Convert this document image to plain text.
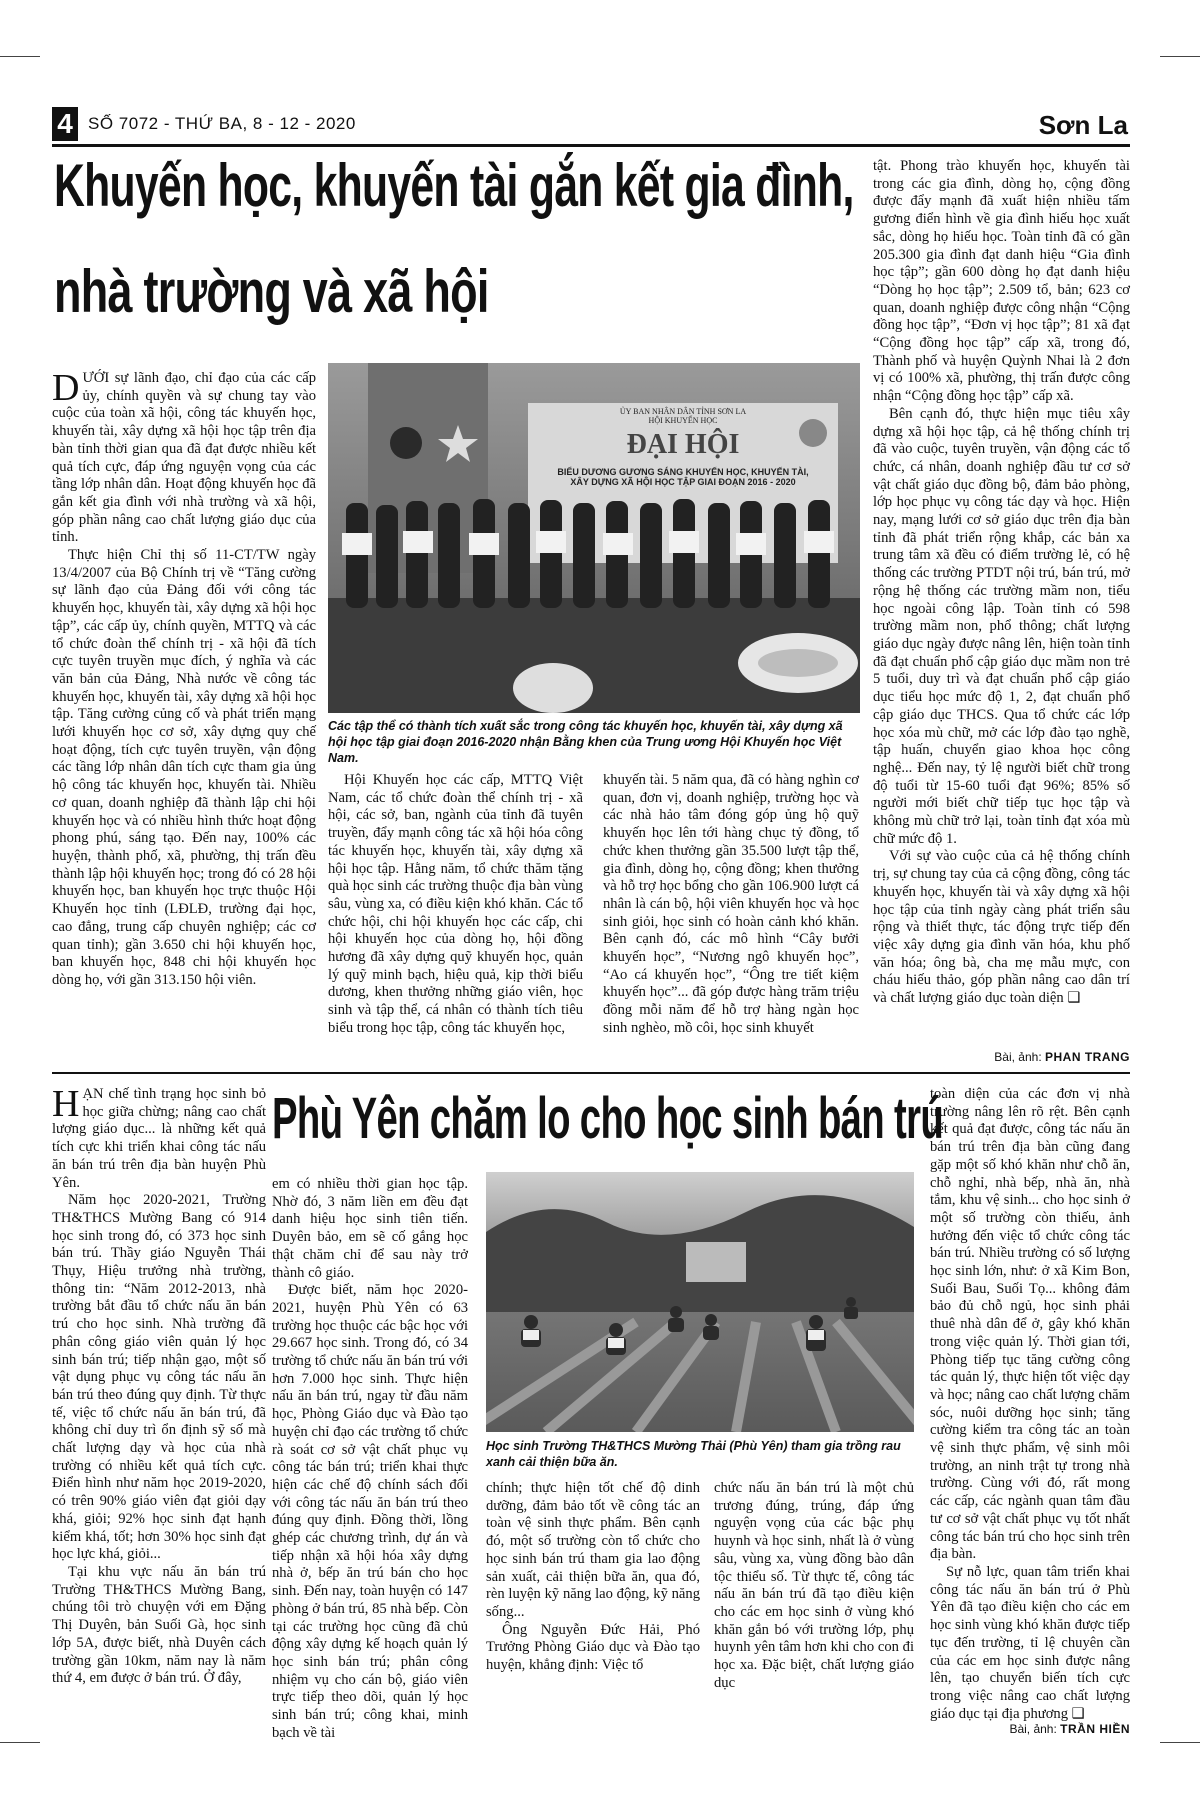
4 SỐ 7072 - THỨ BA, 8 - 12 - 2020	Sơn La
Khuyến học, khuyến tài gắn kết gia đình,
nhà trường và xã hội

DƯỚI sự lãnh đạo, chỉ đạo của các cấp ủy, chính quyền và sự chung tay vào cuộc của toàn xã hội, công tác khuyến học, khuyến tài, xây dựng xã hội học tập trên địa bàn tỉnh thời gian qua đã đạt được nhiều kết quả tích cực, đáp ứng nguyện vọng của các tầng lớp nhân dân. Hoạt động khuyến học đã gắn kết gia đình với nhà trường và xã hội, góp phần nâng cao chất lượng giáo dục của tỉnh.

Thực hiện Chỉ thị số 11-CT/TW ngày 13/4/2007 của Bộ Chính trị về “Tăng cường sự lãnh đạo của Đảng đối với công tác khuyến học, khuyến tài, xây dựng xã hội học tập”, các cấp ủy, chính quyền, MTTQ và các tổ chức đoàn thể chính trị - xã hội đã tích cực tuyên truyền mục đích, ý nghĩa và các văn bản của Đảng, Nhà nước về công tác khuyến học, khuyến tài, xây dựng xã hội học tập. Tăng cường củng cố và phát triển mạng lưới khuyến học cơ sở, xây dựng quy chế hoạt động, tích cực tuyên truyền, vận động các tầng lớp nhân dân tích cực tham gia ủng hộ công tác khuyến học, khuyến tài. Nhiều cơ quan, doanh nghiệp đã thành lập chi hội khuyến học và có nhiều hình thức hoạt động phong phú, sáng tạo. Đến nay, 100% các huyện, thành phố, xã, phường, thị trấn đều thành lập hội khuyến học; trong đó có 28 hội khuyến học, ban khuyến học trực thuộc Hội Khuyến học tỉnh (LĐLĐ, trường đại học, cao đẳng, trung cấp chuyên nghiệp; các cơ quan tỉnh); gần 3.650 chi hội khuyến học, ban khuyến học, 848 chi hội khuyến học dòng họ, với gần 313.150 hội viên.

ỦY BAN NHÂN DÂN TỈNH SƠN LA
HỘI KHUYẾN HỌC
ĐẠI HỘI
BIỂU DƯƠNG GƯƠNG SÁNG KHUYẾN HỌC, KHUYẾN TÀI,
XÂY DỰNG XÃ HỘI HỌC TẬP GIAI ĐOẠN 2016 - 2020
Các tập thể có thành tích xuất sắc trong công tác khuyến học, khuyến tài, xây dựng xã hội học tập giai đoạn 2016-2020 nhận Bằng khen của Trung ương Hội Khuyến học Việt Nam.

Hội Khuyến học các cấp, MTTQ Việt Nam, các tổ chức đoàn thể chính trị - xã hội, các sở, ban, ngành của tỉnh đã tuyên truyền, đẩy mạnh công tác xã hội hóa công tác khuyến học, khuyến tài, xây dựng xã hội học tập. Hằng năm, tổ chức thăm tặng quà học sinh các trường thuộc địa bàn vùng sâu, vùng xa, có điều kiện khó khăn. Các tổ chức hội, chi hội khuyến học các cấp, chi hội khuyến học của dòng họ, hội đồng hương đã xây dựng quỹ khuyến học, quản lý quỹ minh bạch, hiệu quả, kịp thời biểu dương, khen thưởng những giáo viên, học sinh và tập thể, cá nhân có thành tích tiêu biểu trong học tập, công tác khuyến học,

khuyến tài. 5 năm qua, đã có hàng nghìn cơ quan, đơn vị, doanh nghiệp, trường học và các nhà hảo tâm đóng góp ủng hộ quỹ khuyến học lên tới hàng chục tỷ đồng, tổ chức khen thưởng gần 35.500 lượt tập thể, gia đình, dòng họ, cộng đồng; khen thưởng và hỗ trợ học bổng cho gần 106.900 lượt cá nhân là cán bộ, hội viên khuyến học và học sinh giỏi, học sinh có hoàn cảnh khó khăn. Bên cạnh đó, các mô hình “Cây bưởi khuyến học”, “Nương ngô khuyến học”, “Ao cá khuyến học”, “Ông tre tiết kiệm khuyến học”... đã góp được hàng trăm triệu đồng mỗi năm để hỗ trợ hàng ngàn học sinh nghèo, mồ côi, học sinh khuyết

tật. Phong trào khuyến học, khuyến tài trong các gia đình, dòng họ, cộng đồng được đẩy mạnh đã xuất hiện nhiều tấm gương điển hình về gia đình hiếu học xuất sắc, dòng họ hiếu học. Toàn tỉnh đã có gần 205.300 gia đình đạt danh hiệu “Gia đình học tập”; gần 600 dòng họ đạt danh hiệu “Dòng họ học tập”; 2.509 tổ, bản; 623 cơ quan, doanh nghiệp được công nhận “Cộng đồng học tập”, “Đơn vị học tập”; 81 xã đạt “Cộng đồng học tập” cấp xã, trong đó, Thành phố và huyện Quỳnh Nhai là 2 đơn vị có 100% xã, phường, thị trấn được công nhận “Cộng đồng học tập” cấp xã.

Bên cạnh đó, thực hiện mục tiêu xây dựng xã hội học tập, cả hệ thống chính trị đã vào cuộc, tuyên truyền, vận động các tổ chức, cá nhân, doanh nghiệp đầu tư cơ sở vật chất giáo dục đồng bộ, đảm bảo phòng, lớp học phục vụ công tác dạy và học. Hiện nay, mạng lưới cơ sở giáo dục trên địa bàn tỉnh đã phát triển rộng khắp, các bản xa trung tâm xã đều có điểm trường lẻ, có hệ thống các trường PTDT nội trú, bán trú, mở rộng hệ thống các trường mầm non, tiểu học ngoài công lập. Toàn tỉnh có 598 trường mầm non, phổ thông; chất lượng giáo dục ngày được nâng lên, hiện toàn tỉnh đã đạt chuẩn phổ cập giáo dục mầm non trẻ 5 tuổi, duy trì và đạt chuẩn phổ cập giáo dục tiểu học mức độ 1, 2, đạt chuẩn phổ cập giáo dục THCS. Qua tổ chức các lớp học xóa mù chữ, mở các lớp đào tạo nghề, tập huấn, chuyển giao khoa học công nghệ... Đến nay, tỷ lệ người biết chữ trong độ tuổi từ 15-60 tuổi đạt 96%; 85% số người mới biết chữ tiếp tục học tập và không mù chữ trở lại, toàn tỉnh đạt xóa mù chữ mức độ 1.

Với sự vào cuộc của cả hệ thống chính trị, sự chung tay của cả cộng đồng, công tác khuyến học, khuyến tài và xây dựng xã hội học tập của tỉnh ngày càng phát triển sâu rộng và thiết thực, tác động trực tiếp đến việc xây dựng gia đình văn hóa, khu phố văn hóa; ông bà, cha mẹ mẫu mực, con cháu hiếu thảo, góp phần nâng cao dân trí và chất lượng giáo dục toàn diện ❑

Bài, ảnh: PHAN TRANG

HẠN chế tình trạng học sinh bỏ học giữa chừng; nâng cao chất lượng giáo dục... là những kết quả tích cực khi triển khai công tác nấu ăn bán trú trên địa bàn huyện Phù Yên.

Năm học 2020-2021, Trường TH&THCS Mường Bang có 914 học sinh trong đó, có 373 học sinh bán trú. Thầy giáo Nguyễn Thái Thụy, Hiệu trưởng nhà trường, thông tin: “Năm 2012-2013, nhà trường bắt đầu tổ chức nấu ăn bán trú cho học sinh. Nhà trường đã phân công giáo viên quản lý học sinh bán trú; tiếp nhận gạo, một số vật dụng phục vụ công tác nấu ăn bán trú theo đúng quy định. Từ thực tế, việc tổ chức nấu ăn bán trú, đã không chỉ duy trì ổn định sỹ số mà chất lượng dạy và học của nhà trường có nhiều kết quả tích cực. Điển hình như năm học 2019-2020, có trên 90% giáo viên đạt giỏi dạy khá, giỏi; 92% học sinh đạt hạnh kiểm khá, tốt; hơn 30% học sinh đạt học lực khá, giỏi...

Tại khu vực nấu ăn bán trú Trường TH&THCS Mường Bang, chúng tôi trò chuyện với em Đặng Thị Duyên, bản Suối Gà, học sinh lớp 5A, được biết, nhà Duyên cách trường gần 10km, năm nay là năm thứ 4, em được ở bán trú. Ở đây,

Phù Yên chăm lo cho học sinh bán trú

em có nhiều thời gian học tập. Nhờ đó, 3 năm liền em đều đạt danh hiệu học sinh tiên tiến. Duyên bảo, em sẽ cố gắng học thật chăm chỉ để sau này trở thành cô giáo.

Được biết, năm học 2020-2021, huyện Phù Yên có 63 trường học thuộc các bậc học với 29.667 học sinh. Trong đó, có 34 trường tổ chức nấu ăn bán trú với hơn 7.000 học sinh. Thực hiện nấu ăn bán trú, ngay từ đầu năm học, Phòng Giáo dục và Đào tạo huyện chỉ đạo các trường tổ chức rà soát cơ sở vật chất phục vụ công tác bán trú; triển khai thực hiện các chế độ chính sách đối với công tác nấu ăn bán trú theo đúng quy định. Đồng thời, lồng ghép các chương trình, dự án và tiếp nhận xã hội hóa xây dựng nhà ở, bếp ăn trú bán cho học sinh. Đến nay, toàn huyện có 147 phòng ở bán trú, 85 nhà bếp. Còn tại các trường học cũng đã chủ động xây dựng kế hoạch quản lý học sinh bán trú; phân công nhiệm vụ cho cán bộ, giáo viên trực tiếp theo dõi, quản lý học sinh bán trú; công khai, minh bạch về tài

Học sinh Trường TH&THCS Mường Thải (Phù Yên) tham gia trồng rau xanh cải thiện bữa ăn.

chính; thực hiện tốt chế độ dinh dưỡng, đảm bảo tốt về công tác an toàn vệ sinh thực phẩm. Bên cạnh đó, một số trường còn tổ chức cho học sinh bán trú tham gia lao động sản xuất, cải thiện bữa ăn, qua đó, rèn luyện kỹ năng lao động, kỹ năng sống...

Ông Nguyễn Đức Hải, Phó Trưởng Phòng Giáo dục và Đào tạo huyện, khẳng định: Việc tổ

chức nấu ăn bán trú là một chủ trương đúng, trúng, đáp ứng nguyện vọng của các bậc phụ huynh và học sinh, nhất là ở vùng sâu, vùng xa, vùng đồng bào dân tộc thiểu số. Từ thực tế, công tác nấu ăn bán trú đã tạo điều kiện cho các em học sinh ở vùng khó khăn gắn bó với trường lớp, phụ huynh yên tâm hơn khi cho con đi học xa. Đặc biệt, chất lượng giáo dục

toàn diện của các đơn vị nhà trường nâng lên rõ rệt. Bên cạnh kết quả đạt được, công tác nấu ăn bán trú trên địa bàn cũng đang gặp một số khó khăn như chỗ ăn, chỗ nghỉ, nhà bếp, nhà ăn, nhà tắm, khu vệ sinh... cho học sinh ở một số trường còn thiếu, ảnh hưởng đến việc tổ chức công tác bán trú. Nhiều trường có số lượng học sinh lớn, như: ở xã Kim Bon, Suối Bau, Suối Tọ... không đảm bảo đủ chỗ ngủ, học sinh phải thuê nhà dân để ở, gây khó khăn trong việc quản lý. Thời gian tới, Phòng tiếp tục tăng cường công tác quản lý, thực hiện tốt việc dạy và học; nâng cao chất lượng chăm sóc, nuôi dưỡng học sinh; tăng cường kiểm tra công tác an toàn vệ sinh thực phẩm, vệ sinh môi trường, an ninh trật tự trong nhà trường. Cùng với đó, rất mong các cấp, các ngành quan tâm đầu tư cơ sở vật chất phục vụ tốt nhất công tác bán trú cho học sinh trên địa bàn.

Sự nỗ lực, quan tâm triển khai công tác nấu ăn bán trú ở Phù Yên đã tạo điều kiện cho các em học sinh vùng khó khăn được tiếp tục đến trường, tỉ lệ chuyên cần của các em học sinh được nâng lên, tạo chuyển biến tích cực trong việc nâng cao chất lượng giáo dục tại địa phương ❑

Bài, ảnh: TRẦN HIỀN
